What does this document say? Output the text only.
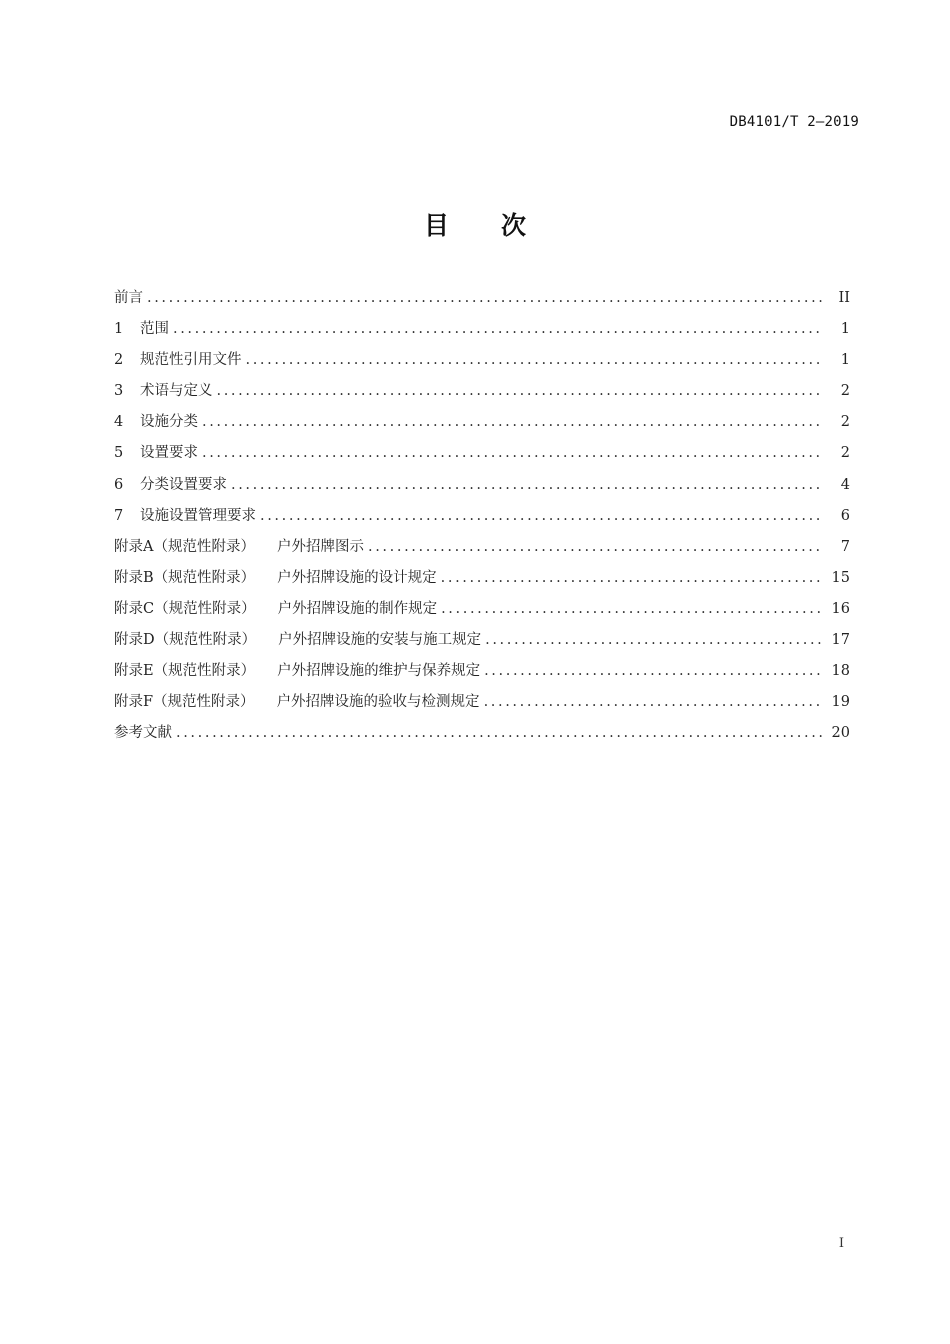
DB4101/T 2—2019
目 次
前言 . . .	II
1	范围 . . .	1
2	规范性引用文件 . . .	1
3	术语与定义 . . .	2
4	设施分类 . . .	2
5	设置要求 . . .	2
6	分类设置要求 . . .	4
7	设施设置管理要求 . . .	6
附录A（规范性附录）	户外招牌图示 . . .	7
附录B（规范性附录）	户外招牌设施的设计规定 . . .	15
附录C（规范性附录）	户外招牌设施的制作规定 . . .	16
附录D（规范性附录）	户外招牌设施的安装与施工规定 . . .	17
附录E（规范性附录）	户外招牌设施的维护与保养规定 . . .	18
附录F（规范性附录）	户外招牌设施的验收与检测规定 . . .	19
参考文献 . . .	20
I
